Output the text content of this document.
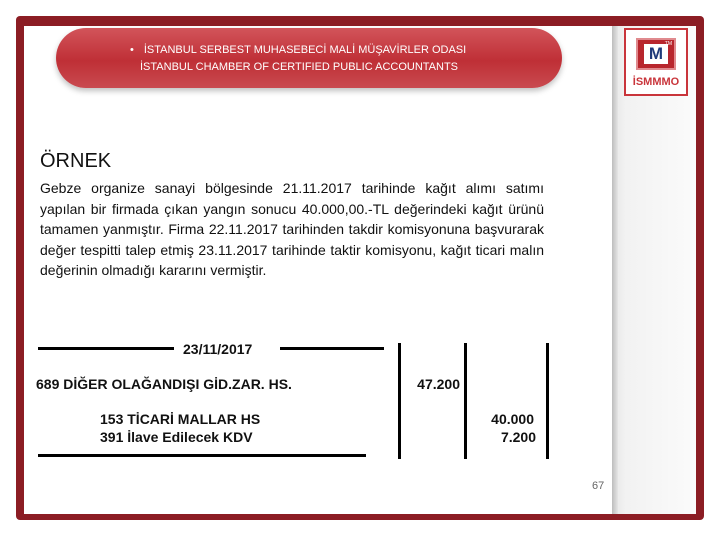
• İSTANBUL SERBEST MUHASEBECİ MALİ MÜŞAVİRLER ODASI
İSTANBUL CHAMBER OF CERTIFIED PUBLIC ACCOUNTANTS
M TM
İSMMMO
ÖRNEK

Gebze organize sanayi bölgesinde 21.11.2017 tarihinde kağıt alımı satımı yapılan bir firmada çıkan yangın sonucu 40.000,00.-TL değerindeki kağıt ürünü tamamen yanmıştır. Firma 22.11.2017 tarihinden takdir komisyonuna başvurarak değer tespitti talep etmiş 23.11.2017 tarihinde taktir komisyonu, kağıt ticari malın değerinin olmadığı kararını vermiştir.

23/11/2017
689 DİĞER OLAĞANDIŞI GİD.ZAR. HS.	47.200
153 TİCARİ MALLAR HS
391 İlave Edilecek KDV
40.000
7.200
67
